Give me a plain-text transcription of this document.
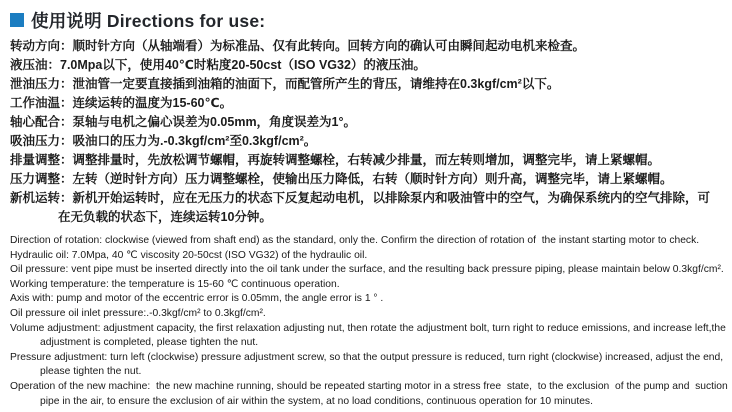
使用说明 Directions for use:
转动方向：顺时针方向（从轴端看）为标准品、仅有此转向。回转方向的确认可由瞬间起动电机来检查。
液压油：7.0Mpa以下，使用40℃时粘度20-50cst（ISO VG32）的液压油。
泄油压力：泄油管一定要直接插到油箱的油面下，而配管所产生的背压，请维持在0.3kgf/cm²以下。
工作油温：连续运转的温度为15-60℃。
轴心配合：泵轴与电机之偏心误差为0.05mm，角度误差为1°。
吸油压力：吸油口的压力为.-0.3kgf/cm²至0.3kgf/cm²。
排量调整：调整排量时，先放松调节螺帽，再旋转调整螺栓，右转减少排量，而左转则增加，调整完毕，请上紧螺帽。
压力调整：左转（逆时针方向）压力调整螺栓，使输出压力降低，右转（顺时针方向）则升高，调整完毕，请上紧螺帽。
新机运转：新机开始运转时，应在无压力的状态下反复起动电机，以排除泵内和吸油管中的空气，为确保系统内的空气排除，可
在无负载的状态下，连续运转10分钟。
Direction of rotation: clockwise (viewed from shaft end) as the standard, only the. Confirm the direction of rotation of  the instant starting motor to check.
Hydraulic oil: 7.0Mpa, 40 ℃ viscosity 20-50cst (ISO VG32) of the hydraulic oil.
Oil pressure: vent pipe must be inserted directly into the oil tank under the surface, and the resulting back pressure piping, please maintain below 0.3kgf/cm².
Working temperature: the temperature is 15-60 ℃ continuous operation.
Axis with: pump and motor of the eccentric error is 0.05mm, the angle error is 1 ° .
Oil pressure oil inlet pressure:.-0.3kgf/cm² to 0.3kgf/cm².
Volume adjustment: adjustment capacity, the first relaxation adjusting nut, then rotate the adjustment bolt, turn right to reduce emissions, and increase left,the
adjustment is completed, please tighten the nut.
Pressure adjustment: turn left (clockwise) pressure adjustment screw, so that the output pressure is reduced, turn right (clockwise) increased, adjust the end,
please tighten the nut.
Operation of the new machine:  the new machine running, should be repeated starting motor in a stress free  state,  to the exclusion  of the pump and  suction
pipe in the air, to ensure the exclusion of air within the system, at no load conditions, continuous operation for 10 minutes.
